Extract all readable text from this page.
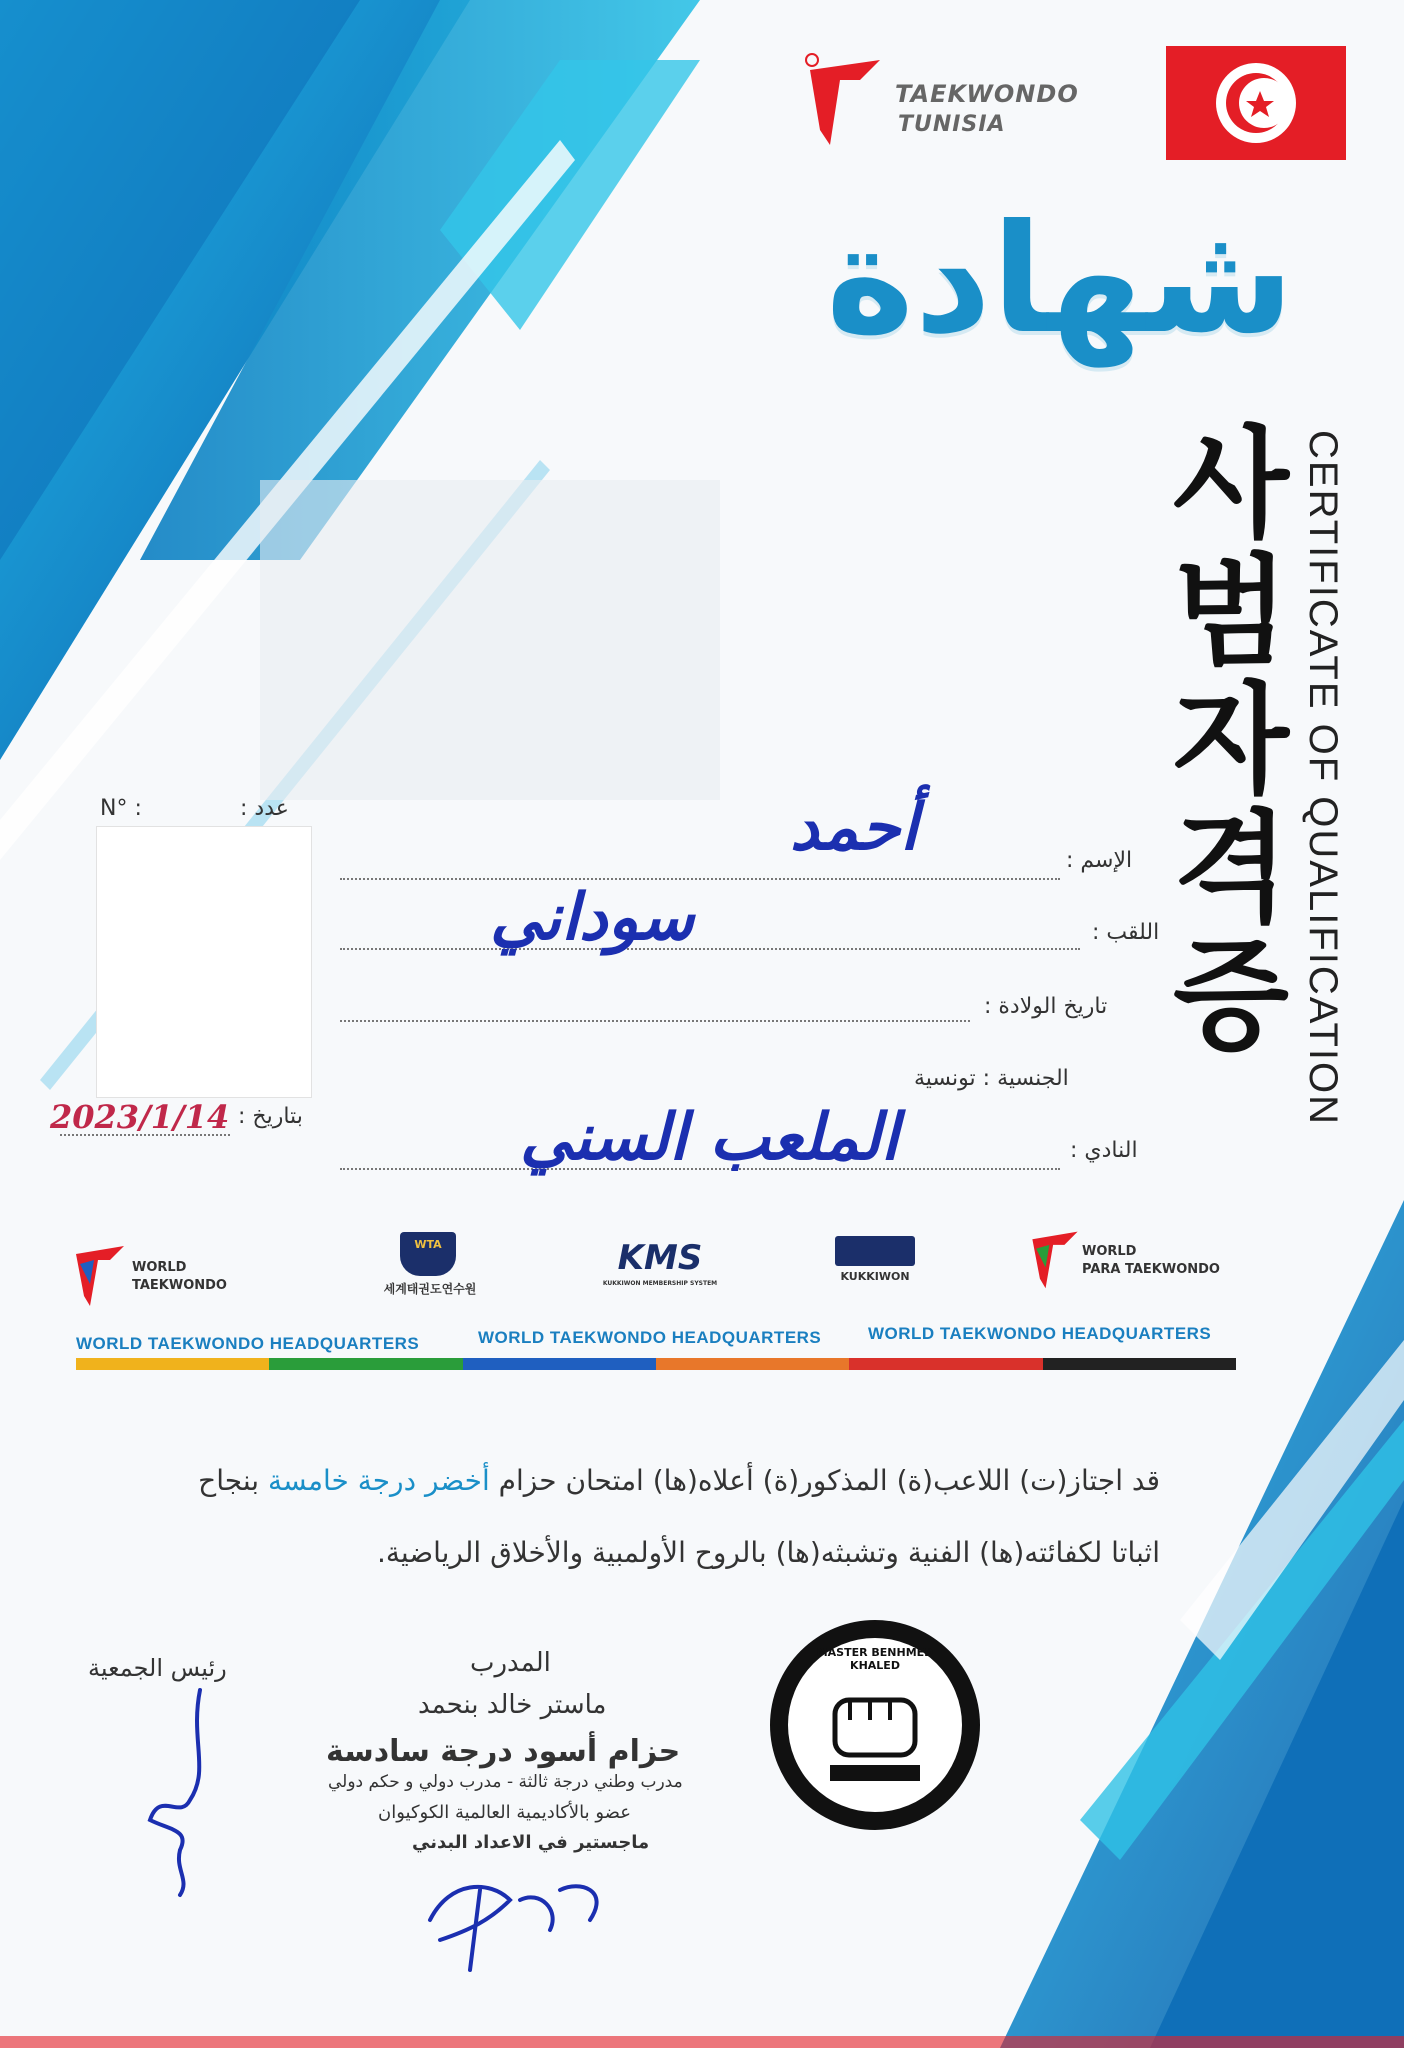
TAEKWONDO
TUNISIA
شهادة
사범자격증 CERTIFICATE OF QUALIFICATION
N° :	عدد :
بتاريخ :
2023/1/14
الإسم :
أحمد
اللقب :
سوداني
تاريخ الولادة :
الجنسية : تونسية
النادي :
الملعب السني
WORLD
TAEKWONDO
WTA
세계태권도연수원
KMS
KUKKIWON MEMBERSHIP SYSTEM
KUKKIWON
WORLD
PARA TAEKWONDO
WORLD TAEKWONDO HEADQUARTERS	WORLD TAEKWONDO HEADQUARTERS	WORLD TAEKWONDO HEADQUARTERS
قد اجتاز(ت) اللاعب(ة) المذكور(ة) أعلاه(ها) امتحان حزام أخضر درجة خامسة بنجاح
اثباتا لكفائته(ها) الفنية وتشبثه(ها) بالروح الأولمبية والأخلاق الرياضية.
رئيس الجمعية	المدرب
ماستر خالد بنحمد
حزام أسود درجة سادسة
مدرب وطني درجة ثالثة - مدرب دولي و حكم دولي
عضو بالأكاديمية العالمية الكوكيوان
ماجستير في الاعداد البدني
MASTER BENHMED KHALED
